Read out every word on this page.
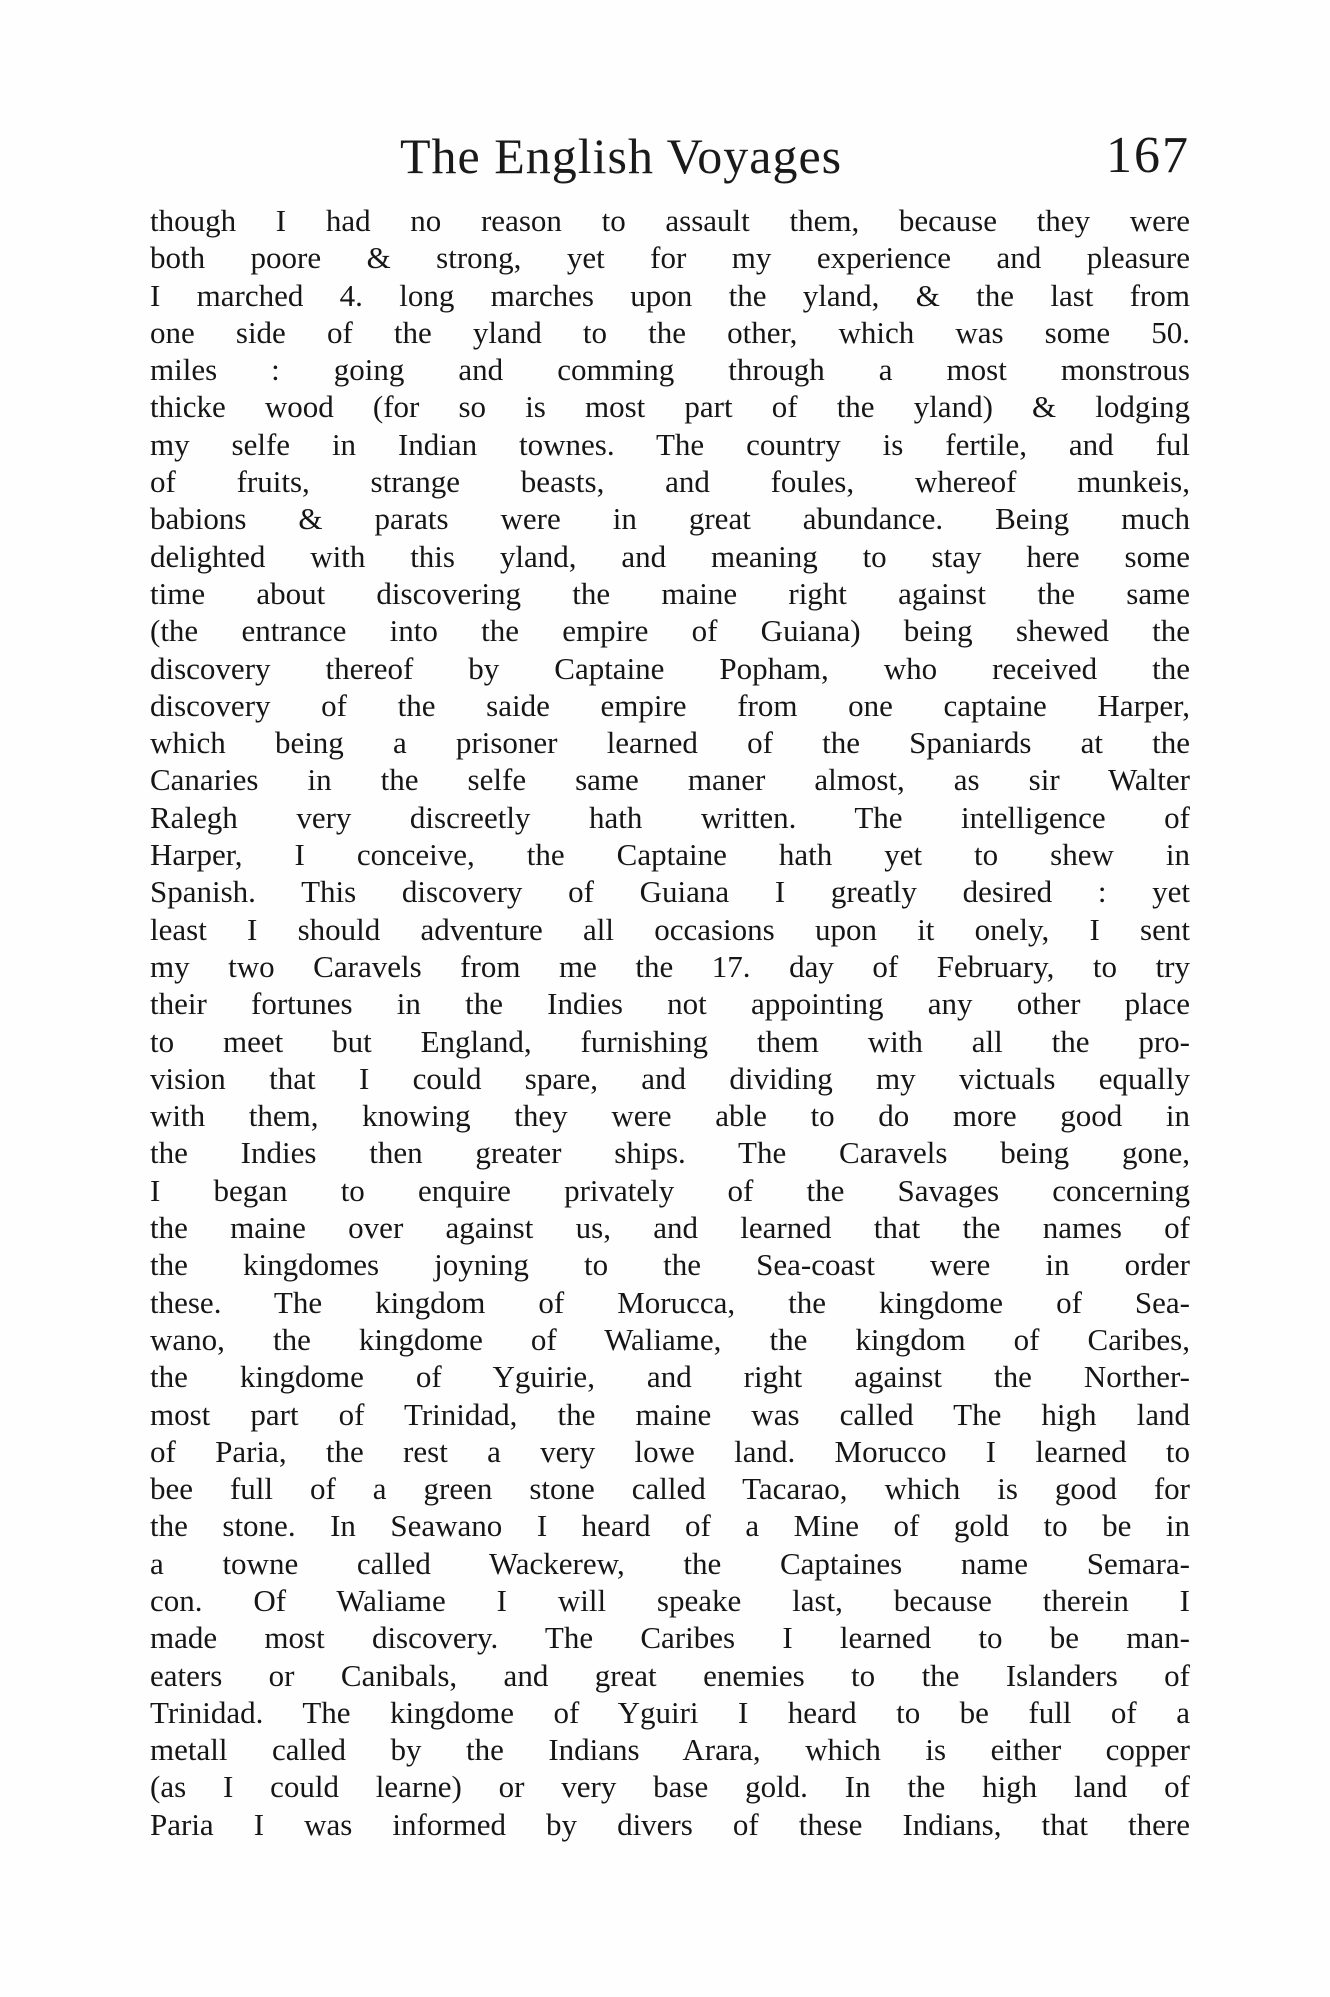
The English Voyages	167
though I had no reason to assault them, because they were
both poore & strong, yet for my experience and pleasure
I marched 4. long marches upon the yland, & the last from
one side of the yland to the other, which was some 50.
miles : going and comming through a most monstrous
thicke wood (for so is most part of the yland) & lodging
my selfe in Indian townes. The country is fertile, and ful
of fruits, strange beasts, and foules, whereof munkeis,
babions & parats were in great abundance. Being much
delighted with this yland, and meaning to stay here some
time about discovering the maine right against the same
(the entrance into the empire of Guiana) being shewed the
discovery thereof by Captaine Popham, who received the
discovery of the saide empire from one captaine Harper,
which being a prisoner learned of the Spaniards at the
Canaries in the selfe same maner almost, as sir Walter
Ralegh very discreetly hath written. The intelligence of
Harper, I conceive, the Captaine hath yet to shew in
Spanish. This discovery of Guiana I greatly desired : yet
least I should adventure all occasions upon it onely, I sent
my two Caravels from me the 17. day of February, to try
their fortunes in the Indies not appointing any other place
to meet but England, furnishing them with all the pro-
vision that I could spare, and dividing my victuals equally
with them, knowing they were able to do more good in
the Indies then greater ships. The Caravels being gone,
I began to enquire privately of the Savages concerning
the maine over against us, and learned that the names of
the kingdomes joyning to the Sea-coast were in order
these. The kingdom of Morucca, the kingdome of Sea-
wano, the kingdome of Waliame, the kingdom of Caribes,
the kingdome of Yguirie, and right against the Norther-
most part of Trinidad, the maine was called The high land
of Paria, the rest a very lowe land. Morucco I learned to
bee full of a green stone called Tacarao, which is good for
the stone. In Seawano I heard of a Mine of gold to be in
a towne called Wackerew, the Captaines name Semara-
con. Of Waliame I will speake last, because therein I
made most discovery. The Caribes I learned to be man-
eaters or Canibals, and great enemies to the Islanders of
Trinidad. The kingdome of Yguiri I heard to be full of a
metall called by the Indians Arara, which is either copper
(as I could learne) or very base gold. In the high land of
Paria I was informed by divers of these Indians, that there
